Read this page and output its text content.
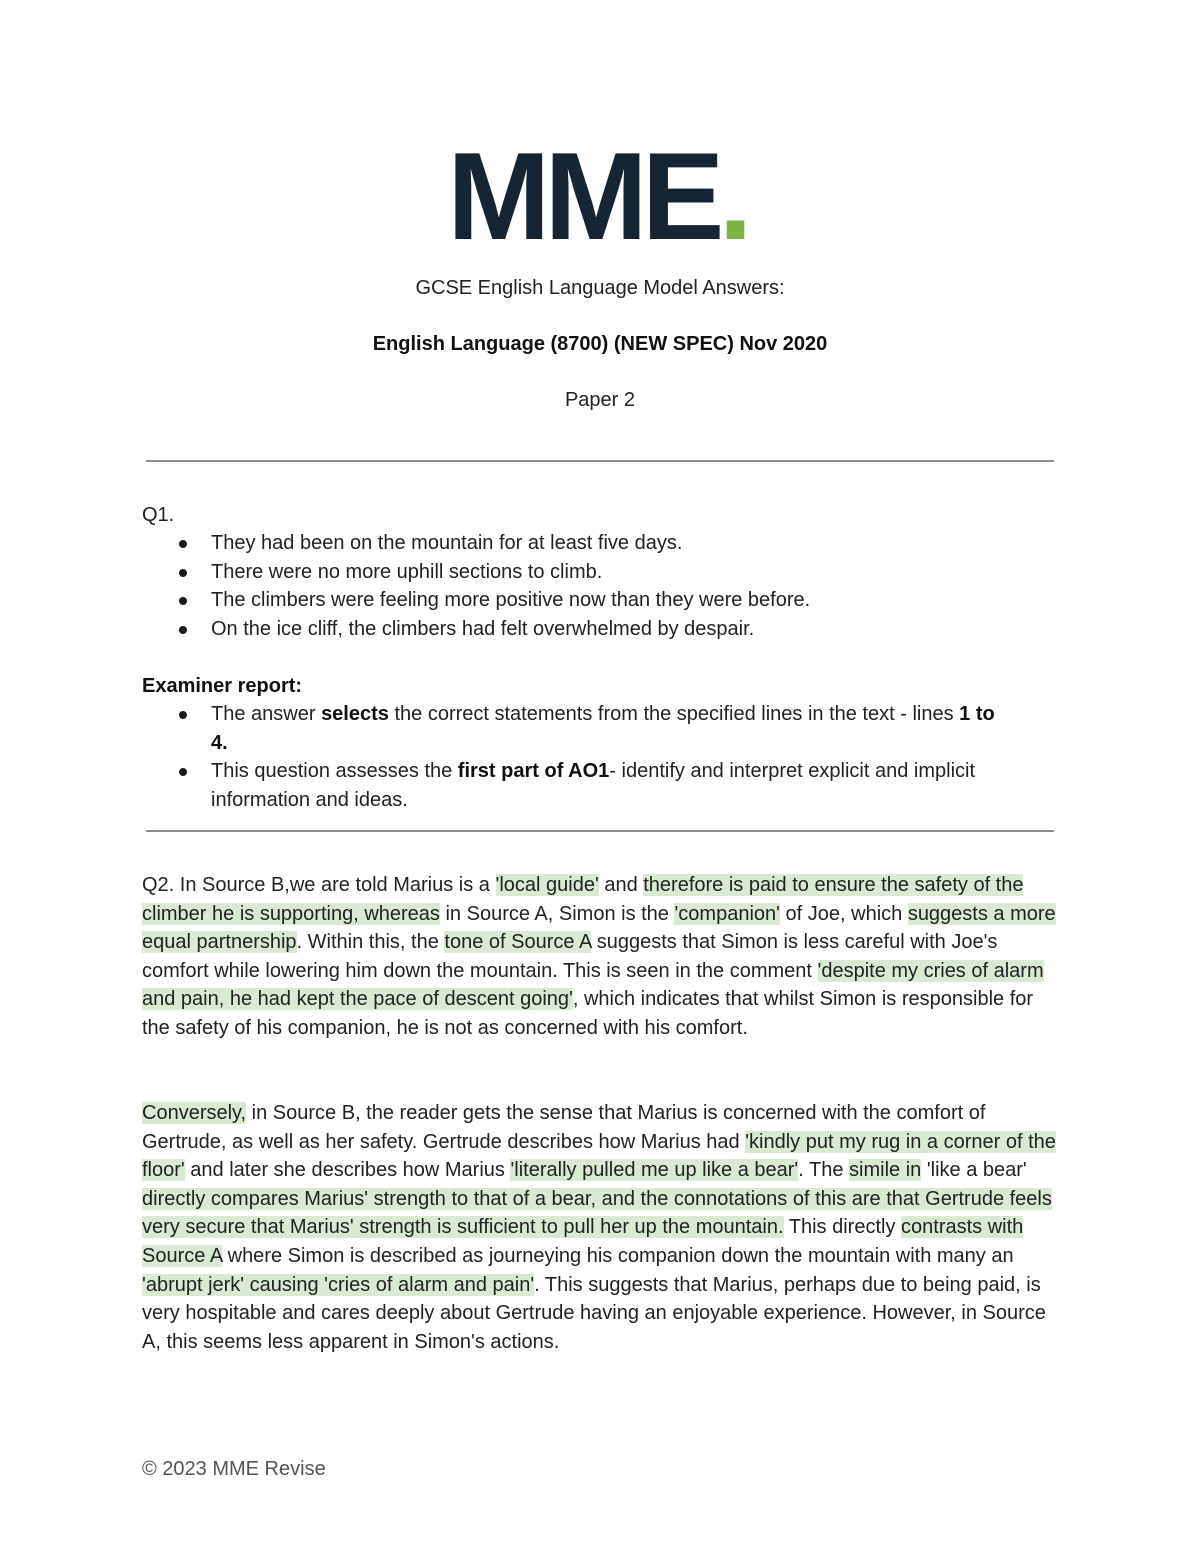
MME.
GCSE English Language Model Answers:
English Language (8700) (NEW SPEC) Nov 2020
Paper 2
Q1.
They had been on the mountain for at least five days.
There were no more uphill sections to climb.
The climbers were feeling more positive now than they were before.
On the ice cliff, the climbers had felt overwhelmed by despair.
Examiner report:
The answer selects the correct statements from the specified lines in the text - lines 1 to 4.
This question assesses the first part of AO1- identify and interpret explicit and implicit information and ideas.
Q2. In Source B,we are told Marius is a 'local guide' and therefore is paid to ensure the safety of the climber he is supporting, whereas in Source A, Simon is the 'companion' of Joe, which suggests a more equal partnership. Within this, the tone of Source A suggests that Simon is less careful with Joe's comfort while lowering him down the mountain. This is seen in the comment 'despite my cries of alarm and pain, he had kept the pace of descent going', which indicates that whilst Simon is responsible for the safety of his companion, he is not as concerned with his comfort.
Conversely, in Source B, the reader gets the sense that Marius is concerned with the comfort of Gertrude, as well as her safety. Gertrude describes how Marius had 'kindly put my rug in a corner of the floor' and later she describes how Marius 'literally pulled me up like a bear'. The simile in 'like a bear' directly compares Marius' strength to that of a bear, and the connotations of this are that Gertrude feels very secure that Marius' strength is sufficient to pull her up the mountain. This directly contrasts with Source A where Simon is described as journeying his companion down the mountain with many an 'abrupt jerk' causing 'cries of alarm and pain'. This suggests that Marius, perhaps due to being paid, is very hospitable and cares deeply about Gertrude having an enjoyable experience. However, in Source A, this seems less apparent in Simon's actions.
© 2023 MME Revise
